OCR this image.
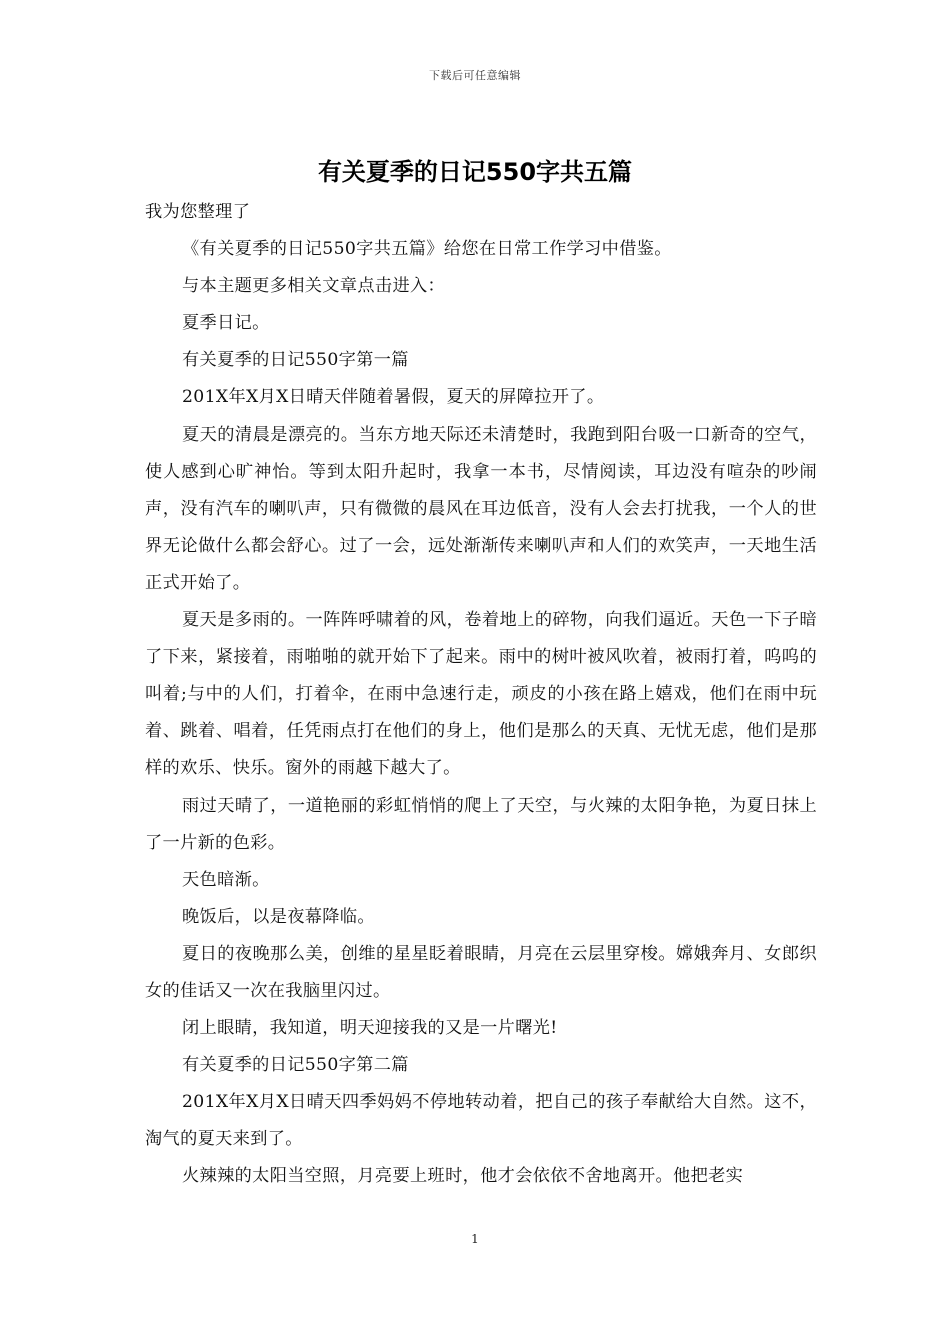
下载后可任意编辑
有关夏季的日记550字共五篇

我为您整理了

《有关夏季的日记550字共五篇》给您在日常工作学习中借鉴。

与本主题更多相关文章点击进入：

夏季日记。

有关夏季的日记550字第一篇

201X年X月X日晴天伴随着暑假，夏天的屏障拉开了。

夏天的清晨是漂亮的。当东方地天际还未清楚时，我跑到阳台吸一口新奇的空气，使人感到心旷神怡。等到太阳升起时，我拿一本书，尽情阅读，耳边没有喧杂的吵闹声，没有汽车的喇叭声，只有微微的晨风在耳边低音，没有人会去打扰我，一个人的世界无论做什么都会舒心。过了一会，远处渐渐传来喇叭声和人们的欢笑声，一天地生活正式开始了。

夏天是多雨的。一阵阵呼啸着的风，卷着地上的碎物，向我们逼近。天色一下子暗了下来，紧接着，雨啪啪的就开始下了起来。雨中的树叶被风吹着，被雨打着，呜呜的叫着;与中的人们，打着伞，在雨中急速行走，顽皮的小孩在路上嬉戏，他们在雨中玩着、跳着、唱着，任凭雨点打在他们的身上，他们是那么的天真、无忧无虑，他们是那样的欢乐、快乐。窗外的雨越下越大了。

雨过天晴了，一道艳丽的彩虹悄悄的爬上了天空，与火辣的太阳争艳，为夏日抹上了一片新的色彩。

天色暗渐。

晚饭后，以是夜幕降临。

夏日的夜晚那么美，创维的星星眨着眼睛，月亮在云层里穿梭。嫦娥奔月、女郎织女的佳话又一次在我脑里闪过。

闭上眼睛，我知道，明天迎接我的又是一片曙光!

有关夏季的日记550字第二篇

201X年X月X日晴天四季妈妈不停地转动着，把自己的孩子奉献给大自然。这不，淘气的夏天来到了。

火辣辣的太阳当空照，月亮要上班时，他才会依依不舍地离开。他把老实

1
